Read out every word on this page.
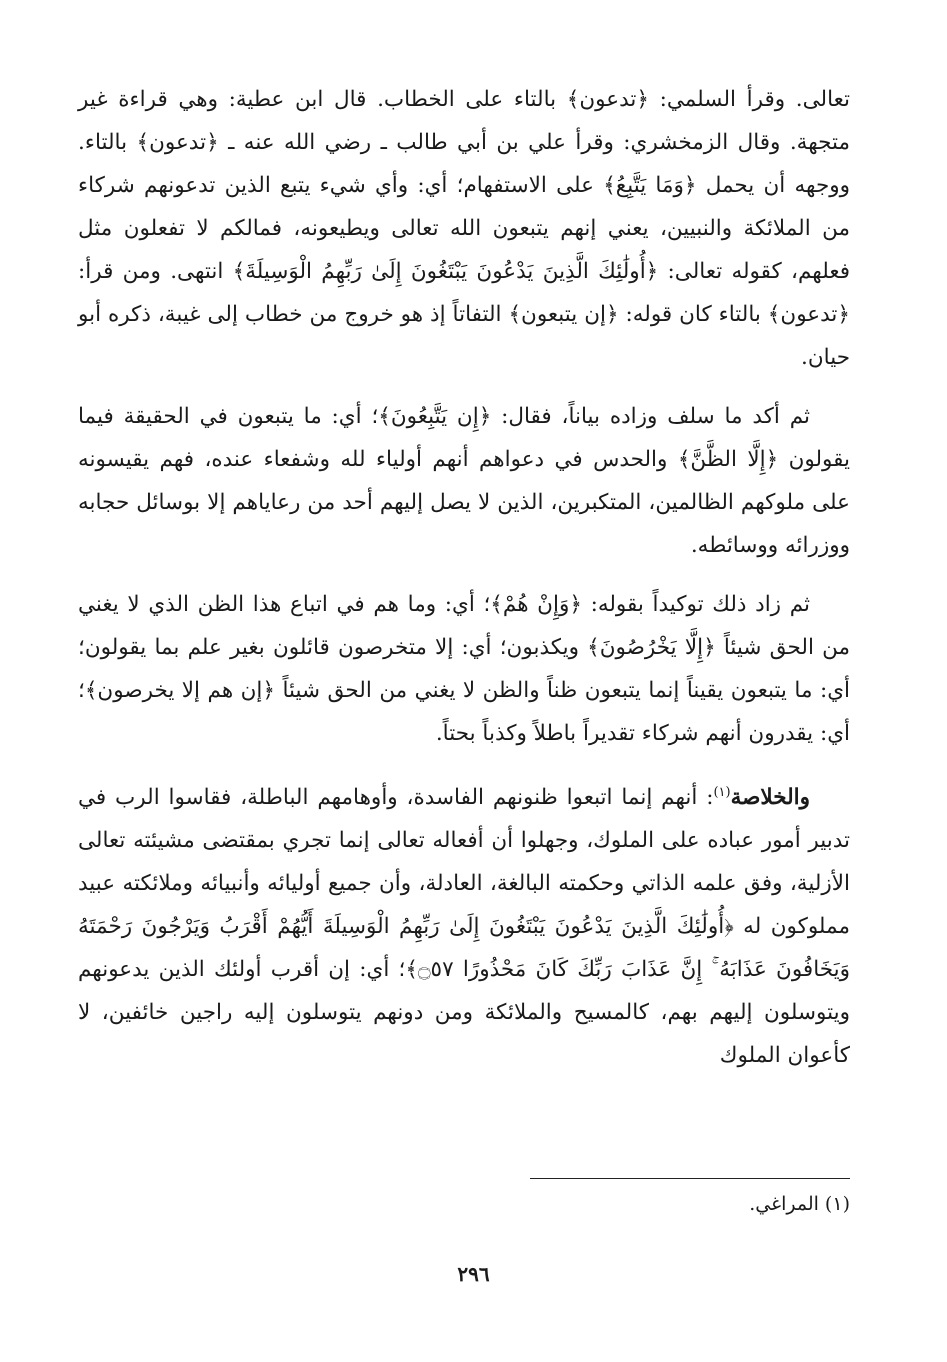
تعالى. وقرأ السلمي: ﴿تدعون﴾ بالتاء على الخطاب. قال ابن عطية: وهي قراءة غير متجهة. وقال الزمخشري: وقرأ علي بن أبي طالب ـ رضي الله عنه ـ ﴿تدعون﴾ بالتاء. ووجهه أن يحمل ﴿وَمَا يَتَّبِعُ﴾ على الاستفهام؛ أي: وأي شيء يتبع الذين تدعونهم شركاء من الملائكة والنبيين، يعني إنهم يتبعون الله تعالى ويطيعونه، فمالكم لا تفعلون مثل فعلهم، كقوله تعالى: ﴿أُولَٰئِكَ الَّذِينَ يَدْعُونَ يَبْتَغُونَ إِلَىٰ رَبِّهِمُ الْوَسِيلَةَ﴾ انتهى. ومن قرأ: ﴿تدعون﴾ بالتاء كان قوله: ﴿إن يتبعون﴾ التفاتاً إذ هو خروج من خطاب إلى غيبة، ذكره أبو حيان.

ثم أكد ما سلف وزاده بياناً، فقال: ﴿إِن يَتَّبِعُونَ﴾؛ أي: ما يتبعون في الحقيقة فيما يقولون ﴿إِلَّا الظَّنَّ﴾ والحدس في دعواهم أنهم أولياء لله وشفعاء عنده، فهم يقيسونه على ملوكهم الظالمين، المتكبرين، الذين لا يصل إليهم أحد من رعاياهم إلا بوسائل حجابه ووزرائه ووسائطه.

ثم زاد ذلك توكيداً بقوله: ﴿وَإِنْ هُمْ﴾؛ أي: وما هم في اتباع هذا الظن الذي لا يغني من الحق شيئاً ﴿إِلَّا يَخْرُصُونَ﴾ ويكذبون؛ أي: إلا متخرصون قائلون بغير علم بما يقولون؛ أي: ما يتبعون يقيناً إنما يتبعون ظناً والظن لا يغني من الحق شيئاً ﴿إن هم إلا يخرصون﴾؛ أي: يقدرون أنهم شركاء تقديراً باطلاً وكذباً بحتاً.

والخلاصة$^{(١)}$: أنهم إنما اتبعوا ظنونهم الفاسدة، وأوهامهم الباطلة، فقاسوا الرب في تدبير أمور عباده على الملوك، وجهلوا أن أفعاله تعالى إنما تجري بمقتضى مشيئته تعالى الأزلية، وفق علمه الذاتي وحكمته البالغة، العادلة، وأن جميع أوليائه وأنبيائه وملائكته عبيد مملوكون له ﴿أُولَٰئِكَ الَّذِينَ يَدْعُونَ يَبْتَغُونَ إِلَىٰ رَبِّهِمُ الْوَسِيلَةَ أَيُّهُمْ أَقْرَبُ وَيَرْجُونَ رَحْمَتَهُ وَيَخَافُونَ عَذَابَهُ ۚ إِنَّ عَذَابَ رَبِّكَ كَانَ مَحْذُورًا ۝٥٧﴾؛ أي: إن أقرب أولئك الذين يدعونهم ويتوسلون إليهم بهم، كالمسيح والملائكة ومن دونهم يتوسلون إليه راجين خائفين، لا كأعوان الملوك

(١) المراغي.
٢٩٦
